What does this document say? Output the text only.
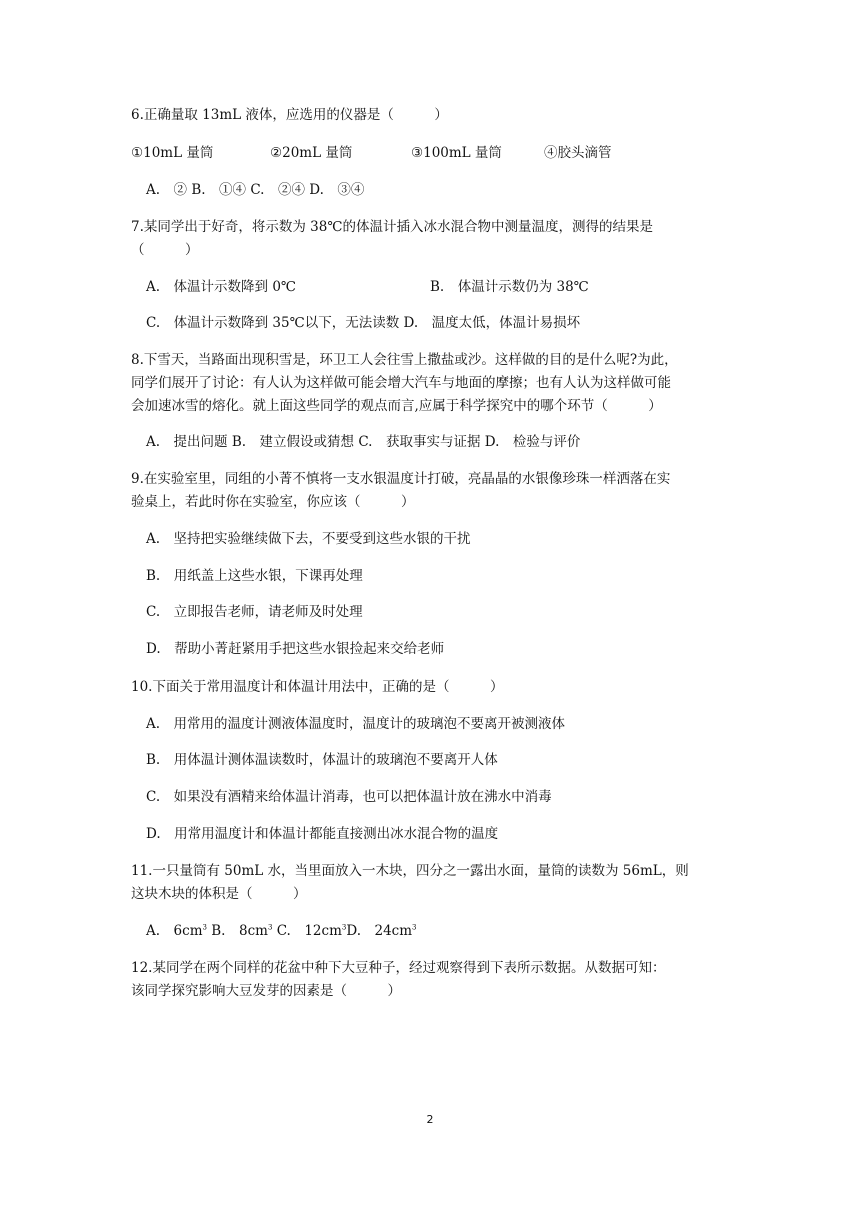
6.正确量取 13mL 液体，应选用的仪器是（　　　）
①10mL 量筒	②20mL 量筒	③100mL 量筒	④胶头滴管
A.　② B.　①④ C.　②④ D.　③④
7.某同学出于好奇，将示数为 38℃的体温计插入冰水混合物中测量温度，测得的结果是
（　　　）
A.　体温计示数降到 0℃	B.　体温计示数仍为 38℃
C.　体温计示数降到 35℃以下，无法读数 D.　温度太低，体温计易损坏
8.下雪天，当路面出现积雪是，环卫工人会往雪上撒盐或沙。这样做的目的是什么呢?为此，
同学们展开了讨论：有人认为这样做可能会增大汽车与地面的摩擦；也有人认为这样做可能
会加速冰雪的熔化。就上面这些同学的观点而言,应属于科学探究中的哪个环节（　　　）
A.　提出问题 B.　建立假设或猜想 C.　获取事实与证据 D.　检验与评价
9.在实验室里，同组的小菁不慎将一支水银温度计打破，亮晶晶的水银像珍珠一样洒落在实
验桌上，若此时你在实验室，你应该（　　　）
A.　坚持把实验继续做下去，不要受到这些水银的干扰
B.　用纸盖上这些水银，下课再处理
C.　立即报告老师，请老师及时处理
D.　帮助小菁赶紧用手把这些水银捡起来交给老师
10.下面关于常用温度计和体温计用法中，正确的是（　　　）
A.　用常用的温度计测液体温度时，温度计的玻璃泡不要离开被测液体
B.　用体温计测体温读数时，体温计的玻璃泡不要离开人体
C.　如果没有酒精来给体温计消毒，也可以把体温计放在沸水中消毒
D.　用常用温度计和体温计都能直接测出冰水混合物的温度
11.一只量筒有 50mL 水，当里面放入一木块，四分之一露出水面，量筒的读数为 56mL，则
这块木块的体积是（　　　）
A.　$6cm^3$ B.　$8cm^3$ C.　$12cm^3D$.　$24cm^3$
12.某同学在两个同样的花盆中种下大豆种子，经过观察得到下表所示数据。从数据可知：
该同学探究影响大豆发芽的因素是（　　　）
2
